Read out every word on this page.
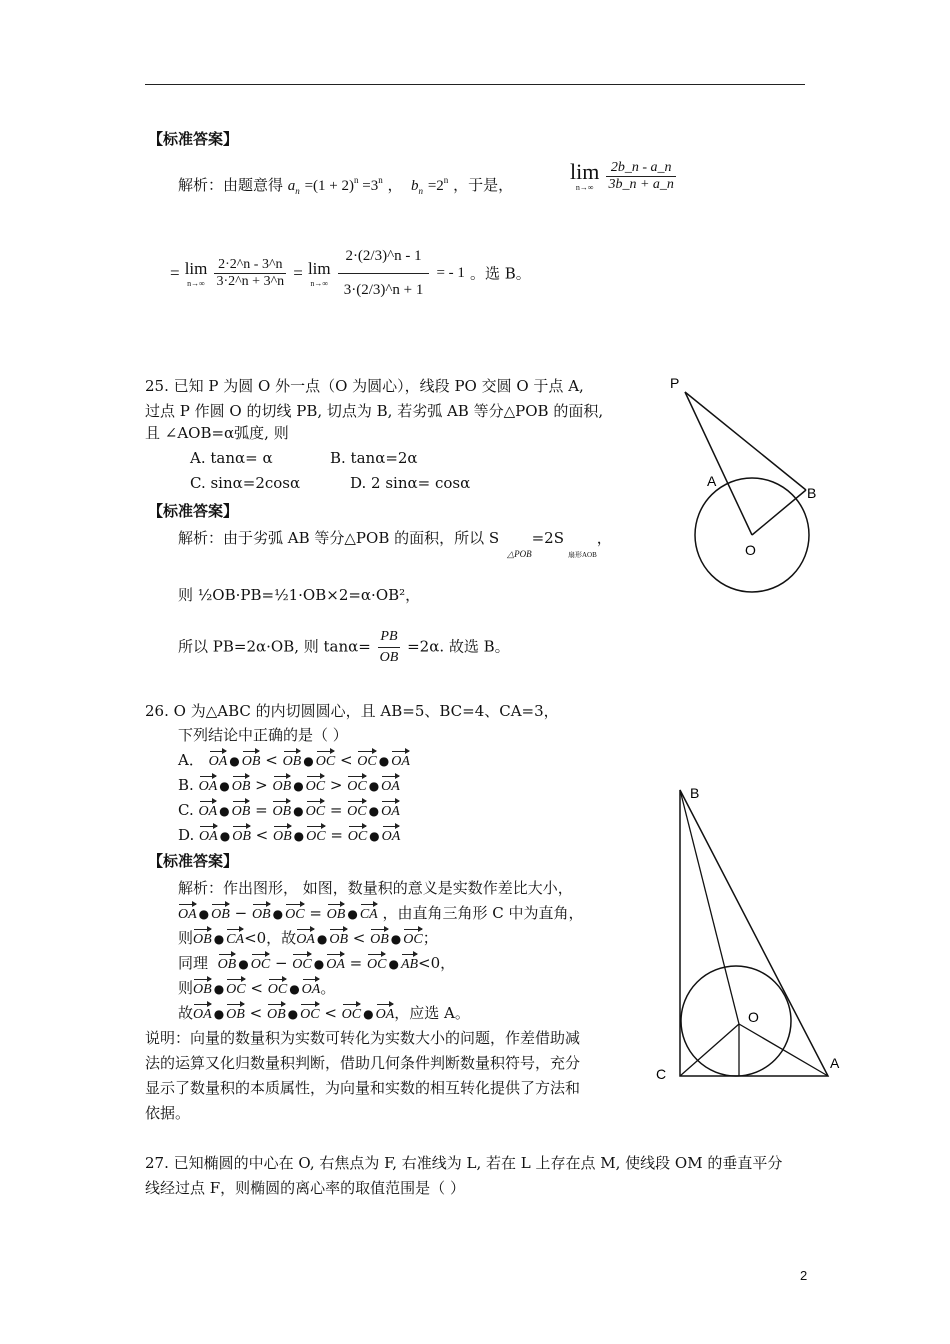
【标准答案】
解析：由题意得 $a_n =(1 + 2)^n =3^n$ ，  $b_n =2^n$ ，于是，
lim
n→∞
$\frac{2b\_n - a\_n}{3b\_n + a\_n}$
= lim
n→∞
$\frac{2\cdot 2\^{}n - 3\^{}n}{3\cdot 2\^{}n + 3\^{}n} = \lim$
n→∞
$\frac{2\cdot(2/3)\^{}n - 1}{3\cdot(2/3)\^{}n + 1}$ = - 1 。选 B。
25. 已知 P 为圆 O 外一点（O 为圆心），线段 PO 交圆 O 于点 A,
过点 P 作圆 O 的切线 PB, 切点为 B, 若劣弧 AB 等分△POB 的面积,
且 ∠AOB=α弧度, 则
A. tanα= α	B. tanα=2α
C. sinα=2cosα	D. 2 sinα= cosα
【标准答案】
解析：由于劣弧 AB 等分△POB 的面积，所以 $S_{\triangle POB}=2S_{扇形AOB}$，
则 ½OB·PB=½1·OB×2=α·OB²，
所以 PB=2α·OB, 则 $\tan\alpha= \frac{PB}{OB} =2\alpha$. 故选 B。
P
A
B
O
26. O 为△ABC 的内切圆圆心，且 AB=5、BC=4、CA=3，
下列结论中正确的是（ ）
A． OA ● OB < OB ● OC < OC ● OA
B. OA ● OB > OB ● OC > OC ● OA
C. OA ● OB = OB ● OC = OC ● OA
D. OA ● OB < OB ● OC = OC ● OA
【标准答案】
解析：作出图形， 如图，数量积的意义是实数作差比大小，
OA ● OB − OB ● OC = OB ● CA ，由直角三角形 C 中为直角，
则OB ● CA<0，故OA ● OB < OB ● OC；
同理 OB ● OC − OC ● OA = OC ● AB<0，
则OB ● OC < OC ● OA。
故OA ● OB < OB ● OC < OC ● OA，应选 A。
说明：向量的数量积为实数可转化为实数大小的问题，作差借助减
法的运算又化归数量积判断，借助几何条件判断数量积符号，充分
显示了数量积的本质属性，为向量和实数的相互转化提供了方法和
依据。
B
O
C
A
27. 已知椭圆的中心在 O, 右焦点为 F, 右准线为 L, 若在 L 上存在点 M, 使线段 OM 的垂直平分
线经过点 F，则椭圆的离心率的取值范围是（ ）
2
